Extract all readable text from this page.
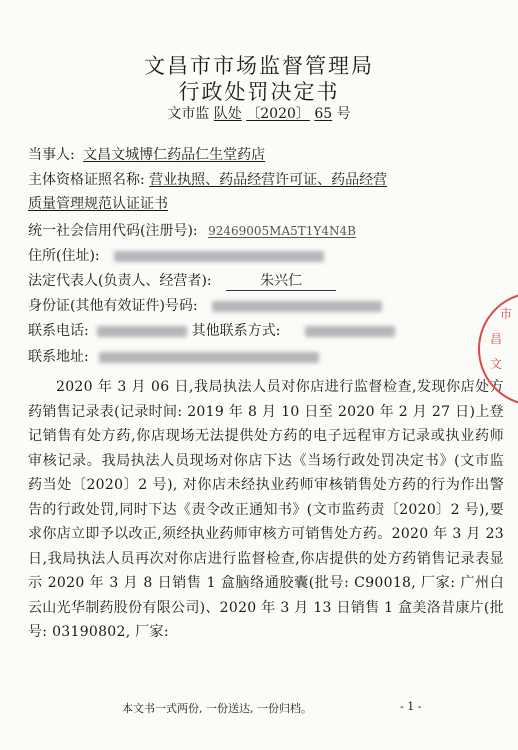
文昌市市场监督管理局
行政处罚决定书
文市监 队处 〔2020〕 65 号
当事人: 文昌文城博仁药品仁生堂药店
主体资格证照名称: 营业执照、药品经营许可证、药品经营
质量管理规范认证证书
统一社会信用代码(注册号): 92469005MA5T1Y4N4B
住所(住址):
法定代表人(负责人、经营者):	朱兴仁
身份证(其他有效证件)号码:
联系电话:	其他联系方式:
联系地址:

2020 年 3 月 06 日,我局执法人员对你店进行监督检查,发现你店处方药销售记录表(记录时间: 2019 年 8 月 10 日至 2020 年 2 月 27 日)上登记销售有处方药,你店现场无法提供处方药的电子远程审方记录或执业药师审核记录。我局执法人员现场对你店下达《当场行政处罚决定书》(文市监药当处〔2020〕2 号), 对你店未经执业药师审核销售处方药的行为作出警告的行政处罚,同时下达《责令改正通知书》(文市监药责〔2020〕2 号),要求你店立即予以改正,须经执业药师审核方可销售处方药。2020 年 3 月 23 日,我局执法人员再次对你店进行监督检查,你店提供的处方药销售记录表显示 2020 年 3 月 8 日销售 1 盒脑络通胶囊(批号: C90018, 厂家: 广州白云山光华制药股份有限公司)、2020 年 3 月 13 日销售 1 盒美洛昔康片(批号: 03190802, 厂家:

本文书一式两份, 一份送达, 一份归档。	- 1 -
市
昌
文
